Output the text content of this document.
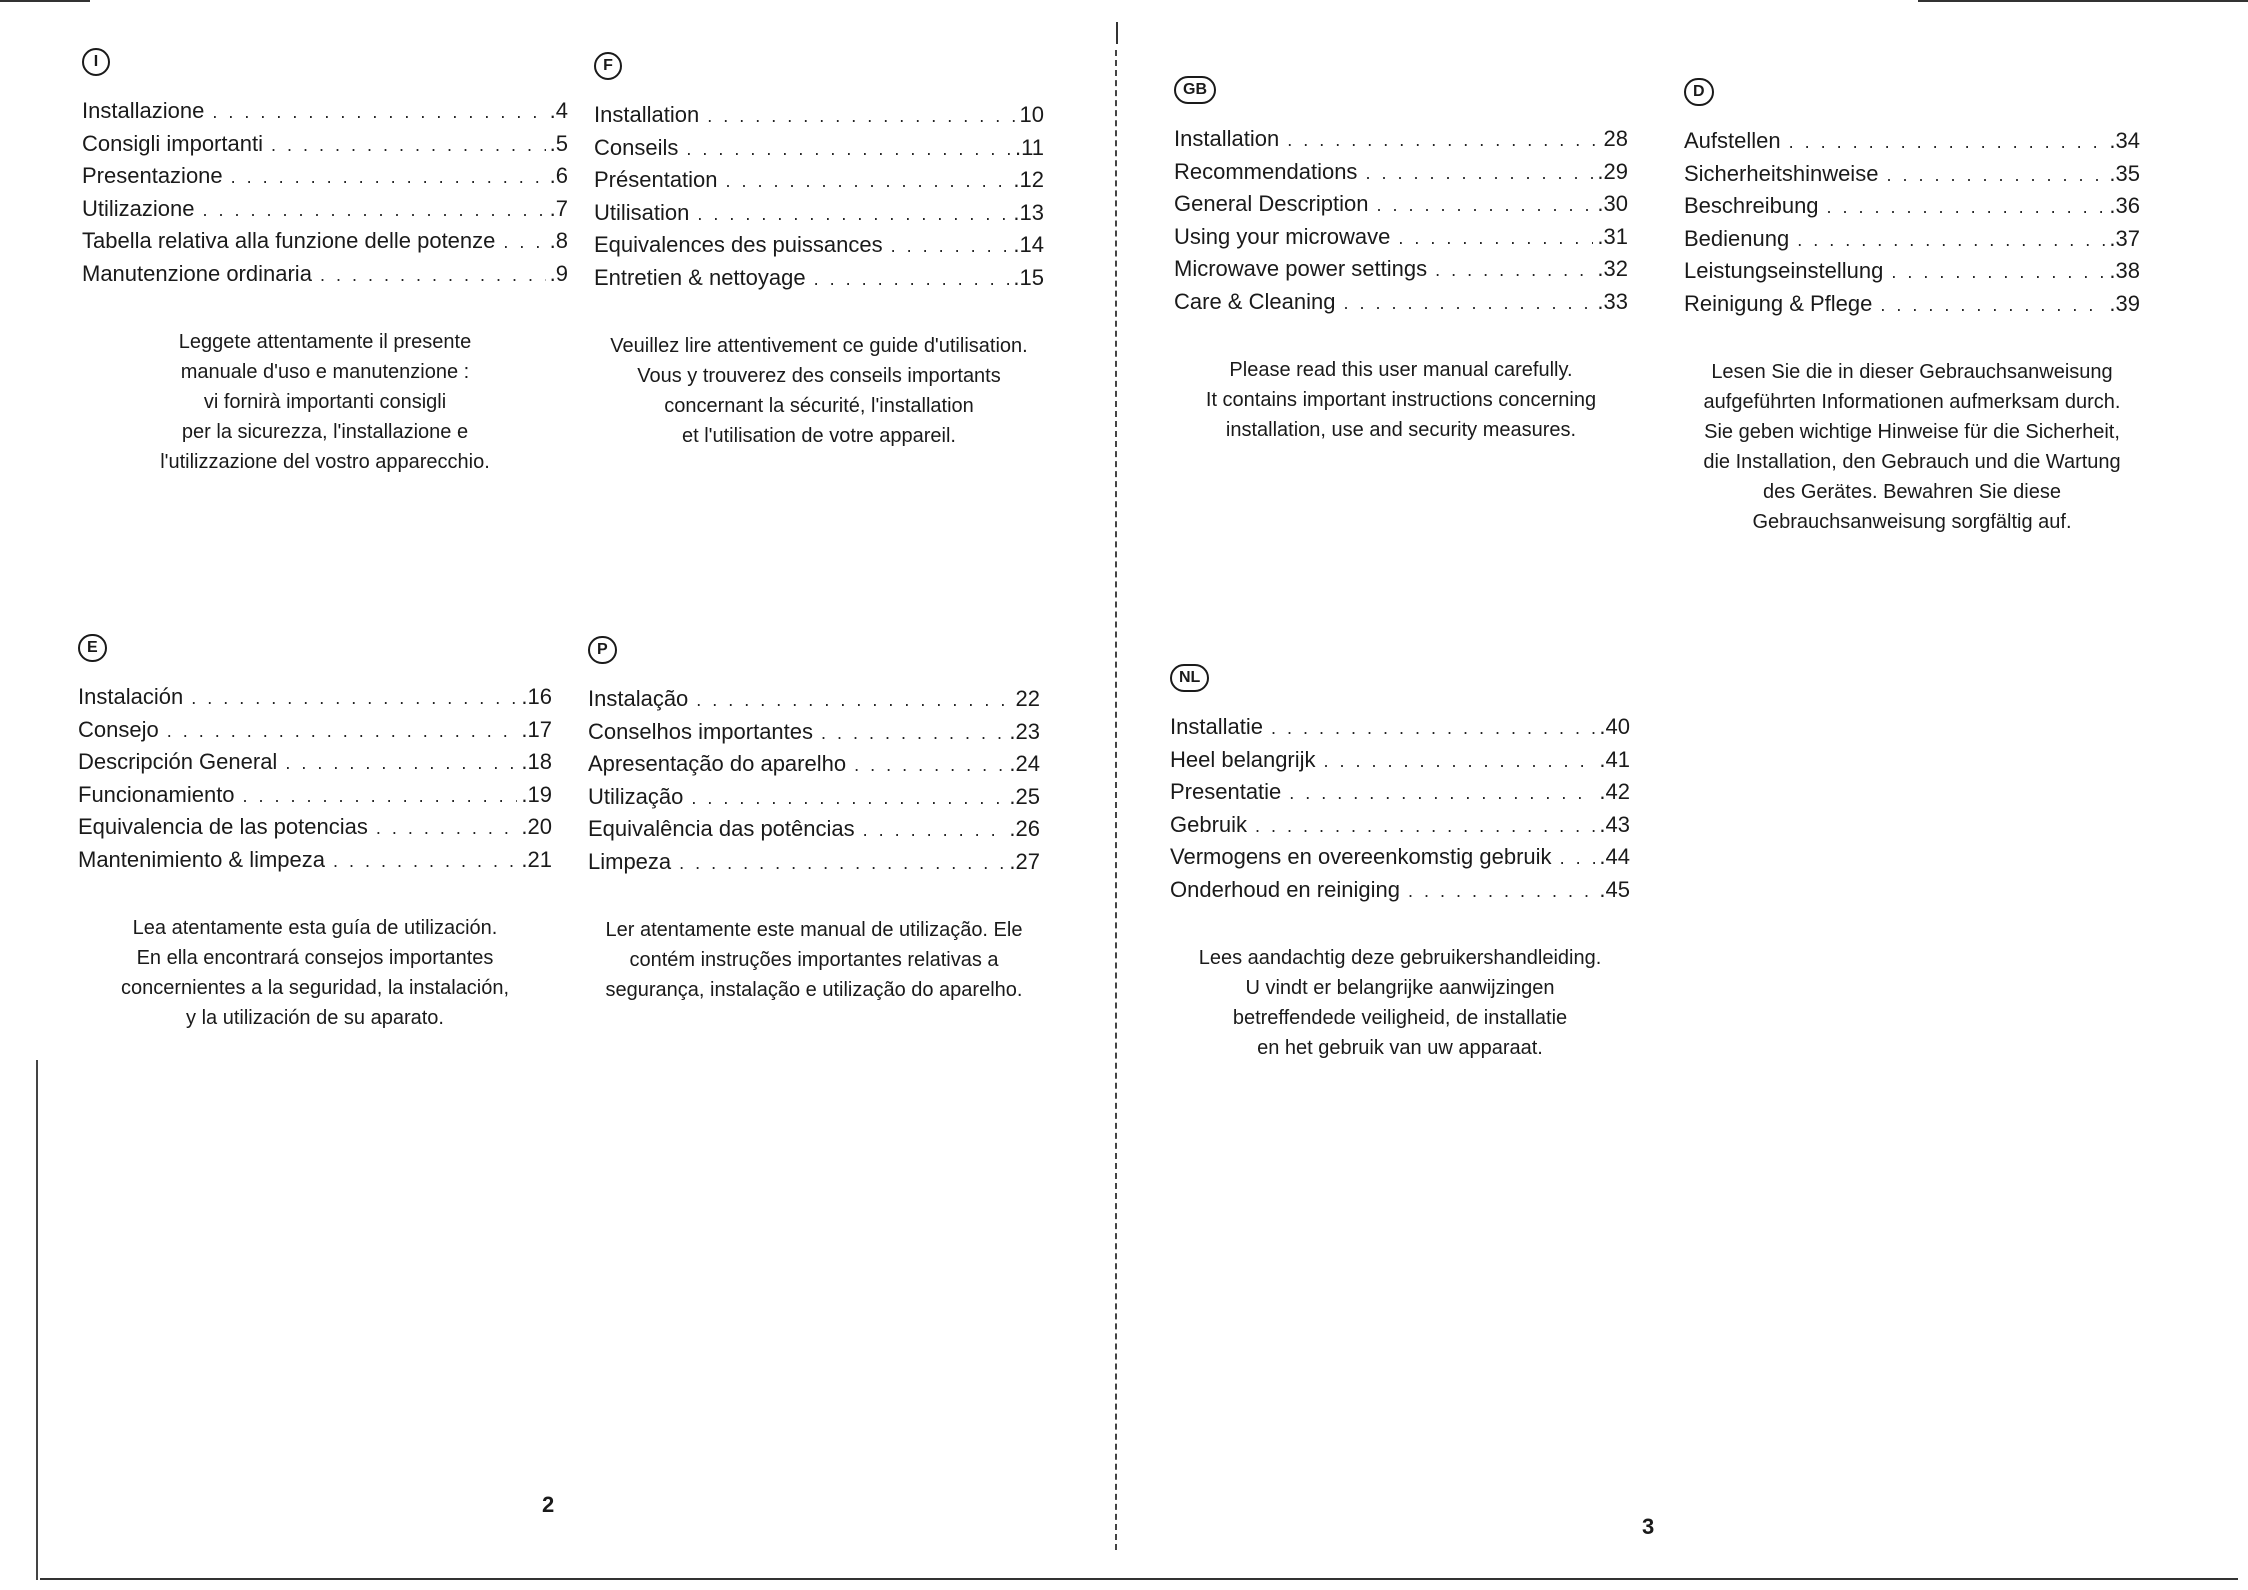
I
Installazione . . .	.4
Consigli importanti . . .	.5
Presentazione . . .	.6
Utilizazione . . .	.7
Tabella relativa alla funzione delle potenze . . . .8
Manutenzione ordinaria . . .	.9
Leggete attentamente il presente
manuale d'uso e manutenzione :
vi fornirà importanti consigli
per la sicurezza, l'installazione e
l'utilizzazione del vostro apparecchio.
F
Installation . . .	10
Conseils . . .	.11
Présentation . . .	.12
Utilisation . . .	.13
Equivalences des puissances . . .	.14
Entretien & nettoyage . . .	.15
Veuillez lire attentivement ce guide d'utilisation.
Vous y trouverez des conseils importants
concernant la sécurité, l'installation
et l'utilisation de votre appareil.
E
Instalación . . .	.16
Consejo . . .	.17
Descripción General . . .	.18
Funcionamiento . . .	.19
Equivalencia de las potencias . . .	.20
Mantenimiento & limpeza . . .	.21
Lea atentamente esta guía de utilización.
En ella encontrará consejos importantes
concernientes a la seguridad, la instalación,
y la utilización de su aparato.
P
Instalação . . .	22
Conselhos importantes . . .	.23
Apresentação do aparelho . . .	.24
Utilização . . .	.25
Equivalência das potências . . .	.26
Limpeza . . .	.27
Ler atentamente este manual de utilização. Ele
contém instruções importantes relativas a
segurança, instalação e utilização do aparelho.
GB
Installation . . .	28
Recommendations . . .	.29
General Description . . .	.30
Using your microwave . . .	.31
Microwave power settings . . .	.32
Care & Cleaning . . .	.33
Please read this user manual carefully.
It contains important instructions concerning
installation, use and security measures.
D
Aufstellen . . .	.34
Sicherheitshinweise . . .	.35
Beschreibung . . .	.36
Bedienung . . .	.37
Leistungseinstellung . . .	.38
Reinigung & Pflege . . .	.39
Lesen Sie die in dieser Gebrauchsanweisung
aufgeführten Informationen aufmerksam durch.
Sie geben wichtige Hinweise für die Sicherheit,
die Installation, den Gebrauch und die Wartung
des Gerätes. Bewahren Sie diese
Gebrauchsanweisung sorgfältig auf.
NL
Installatie . . .	.40
Heel belangrijk . . .	.41
Presentatie . . .	.42
Gebruik . . .	.43
Vermogens en overeenkomstig gebruik . . . .44
Onderhoud en reiniging . . .	.45
Lees aandachtig deze gebruikershandleiding.
U vindt er belangrijke aanwijzingen
betreffendede veiligheid, de installatie
en het gebruik van uw apparaat.
2
3
